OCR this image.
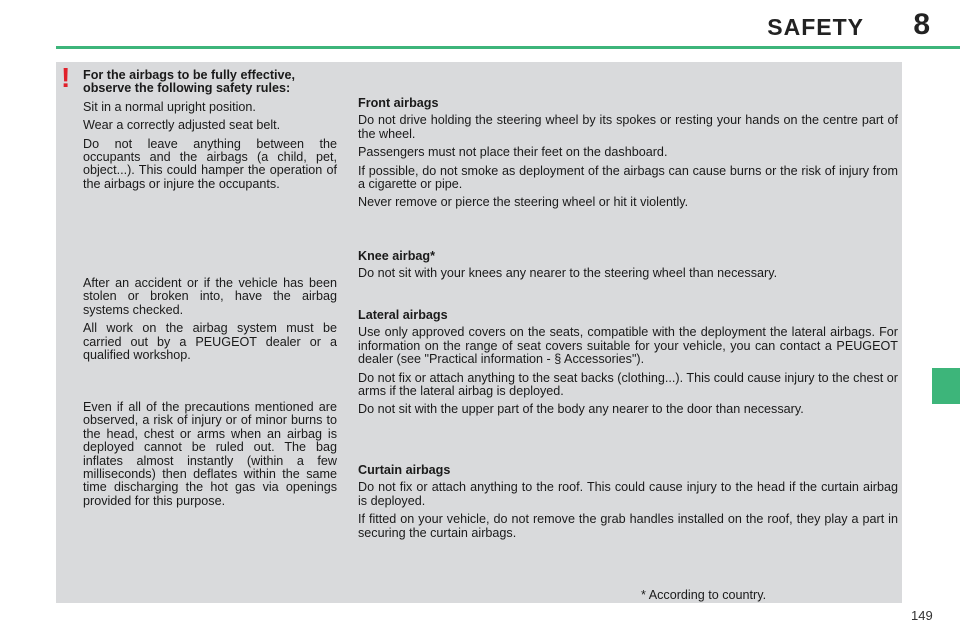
SAFETY 8
! For the airbags to be fully effective, observe the following safety rules:

Sit in a normal upright position.

Wear a correctly adjusted seat belt.

Do not leave anything between the occupants and the airbags (a child, pet, object...). This could hamper the operation of the airbags or injure the occupants.

After an accident or if the vehicle has been stolen or broken into, have the airbag systems checked.

All work on the airbag system must be carried out by a PEUGEOT dealer or a qualified workshop.

Even if all of the precautions mentioned are observed, a risk of injury or of minor burns to the head, chest or arms when an airbag is deployed cannot be ruled out. The bag inflates almost instantly (within a few milliseconds) then deflates within the same time discharging the hot gas via openings provided for this purpose.

Front airbags

Do not drive holding the steering wheel by its spokes or resting your hands on the centre part of the wheel.

Passengers must not place their feet on the dashboard.

If possible, do not smoke as deployment of the airbags can cause burns or the risk of injury from a cigarette or pipe.

Never remove or pierce the steering wheel or hit it violently.

Knee airbag*

Do not sit with your knees any nearer to the steering wheel than necessary.

Lateral airbags

Use only approved covers on the seats, compatible with the deployment the lateral airbags. For information on the range of seat covers suitable for your vehicle, you can contact a PEUGEOT dealer (see "Practical information - § Accessories").

Do not fix or attach anything to the seat backs (clothing...). This could cause injury to the chest or arms if the lateral airbag is deployed.

Do not sit with the upper part of the body any nearer to the door than necessary.

Curtain airbags

Do not fix or attach anything to the roof. This could cause injury to the head if the curtain airbag is deployed.

If fitted on your vehicle, do not remove the grab handles installed on the roof, they play a part in securing the curtain airbags.

* According to country.
149
